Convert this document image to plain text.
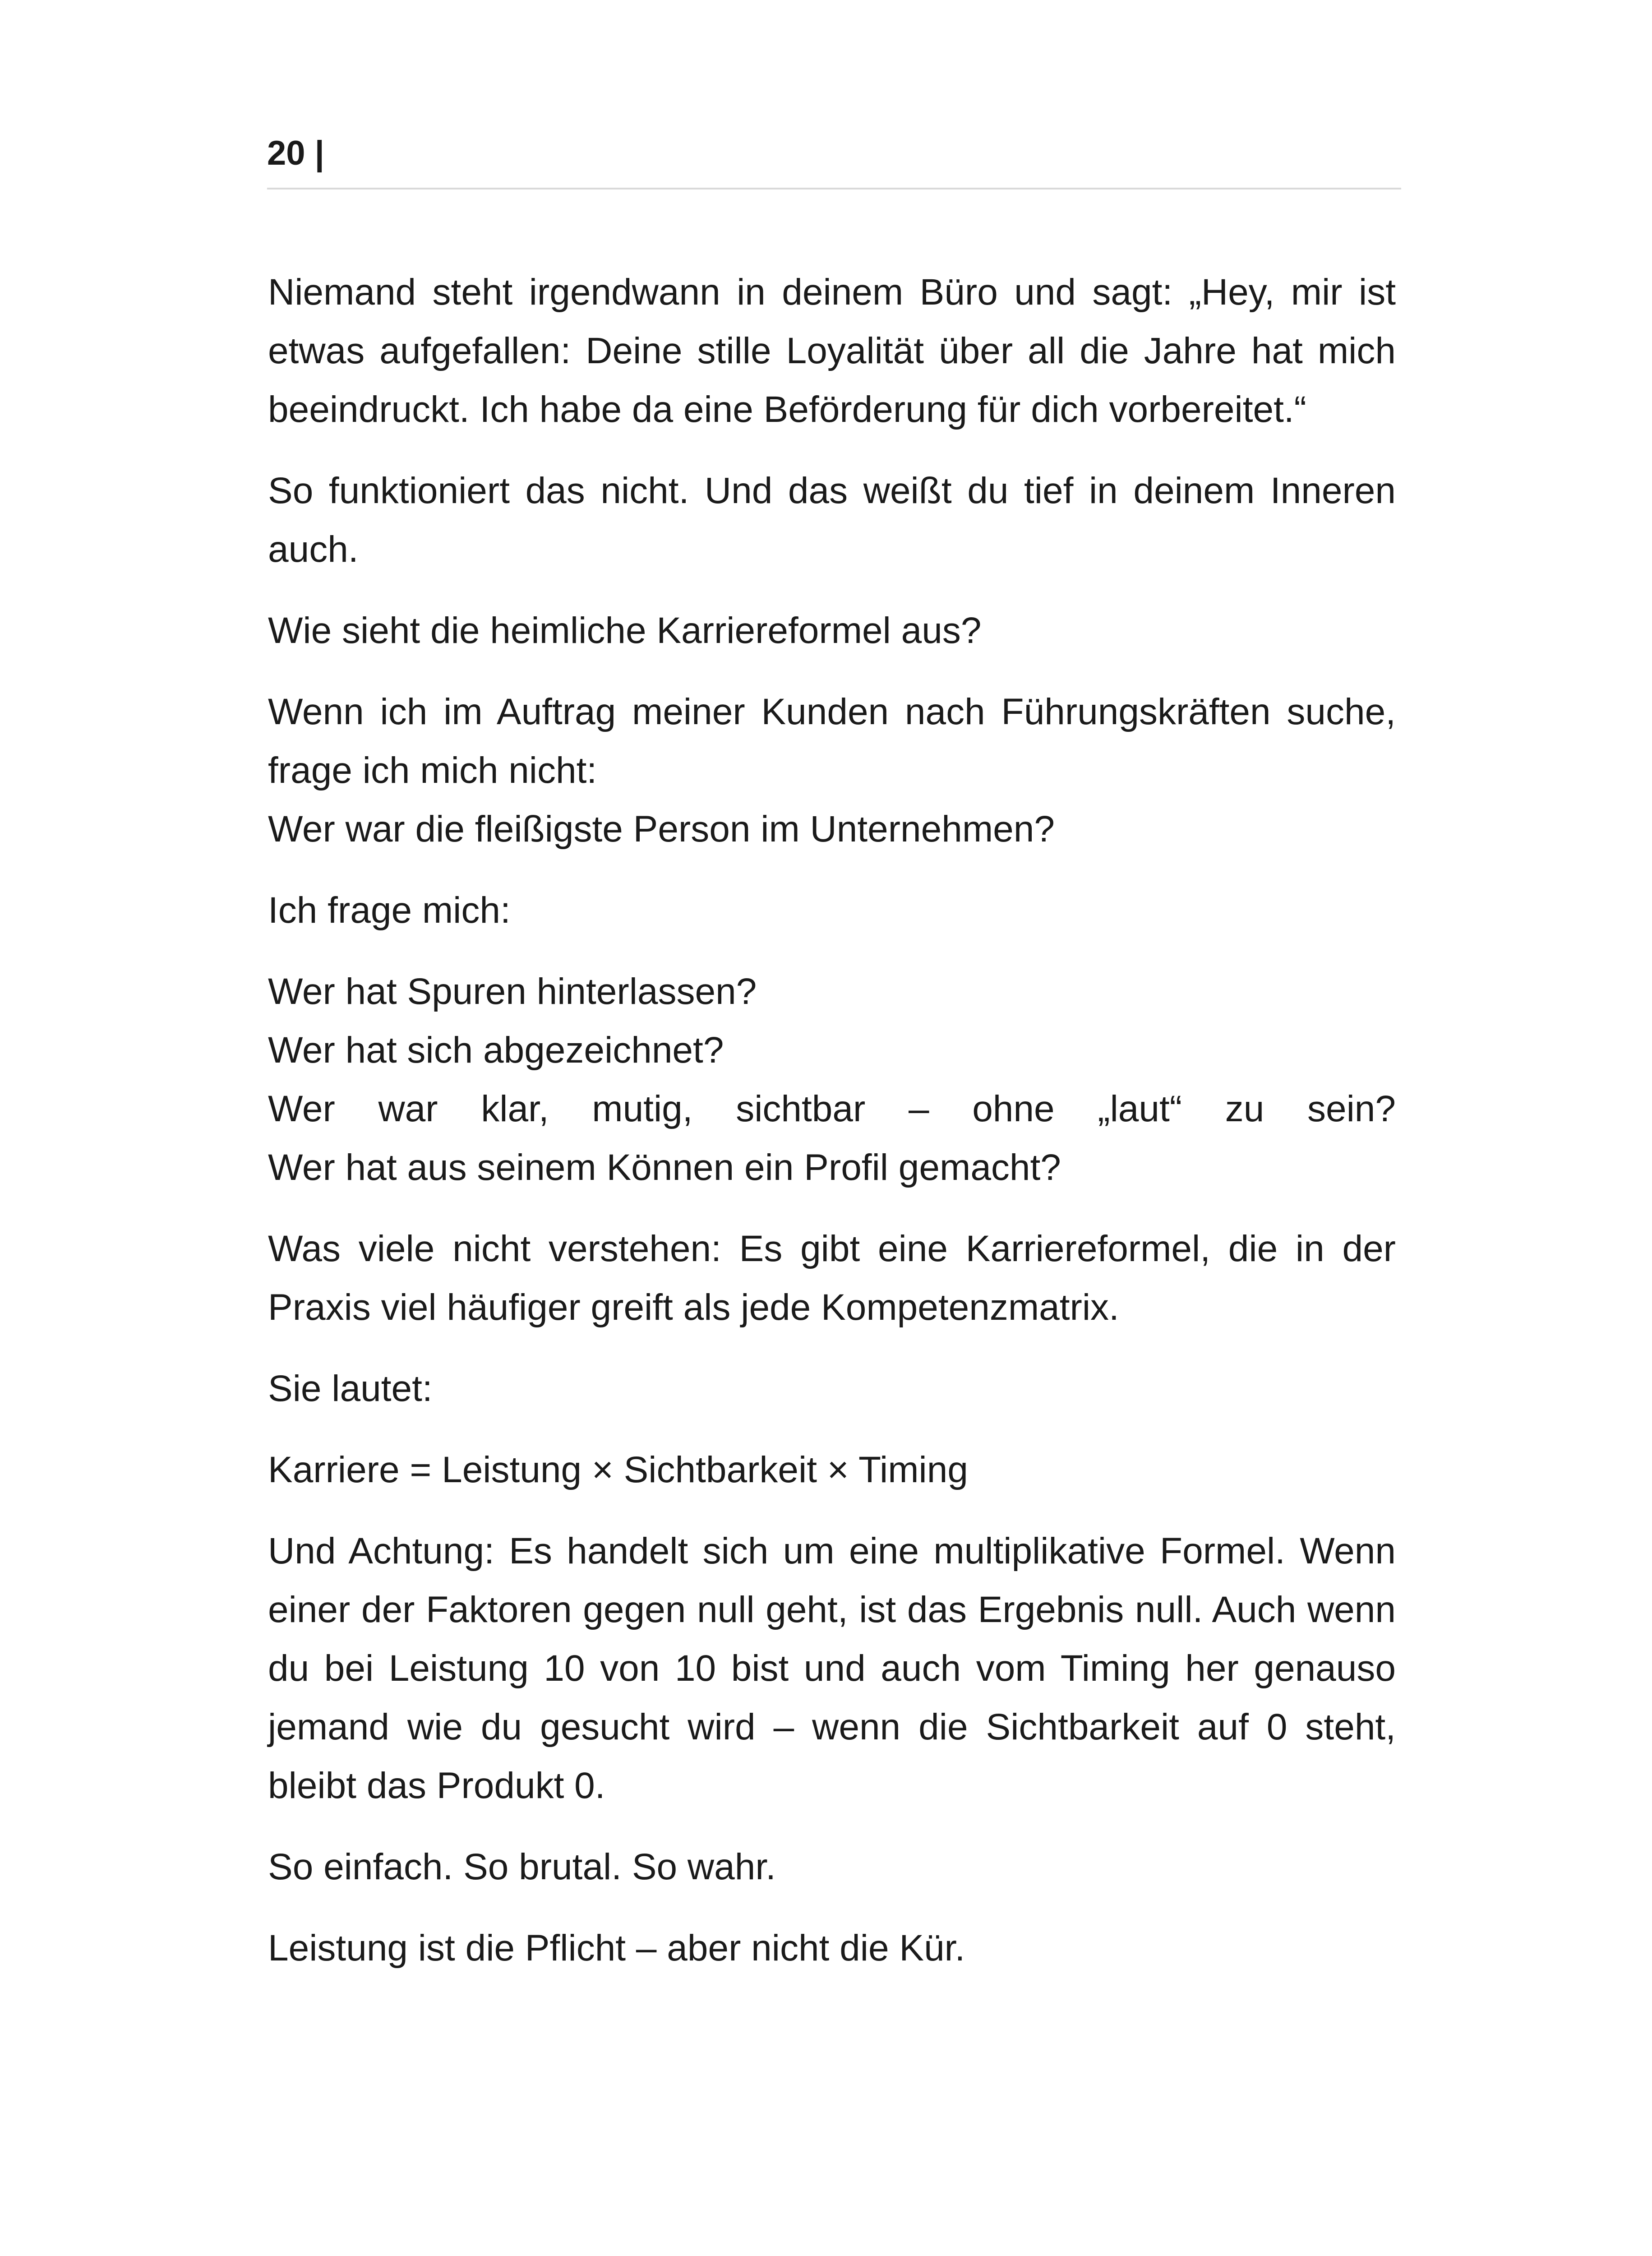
20 |

Niemand steht irgendwann in deinem Büro und sagt: „Hey, mir ist etwas aufgefallen: Deine stille Loyalität über all die Jahre hat mich beeindruckt. Ich habe da eine Beförderung für dich vorbereitet.“

So funktioniert das nicht. Und das weißt du tief in deinem Inneren auch.

Wie sieht die heimliche Karriereformel aus?

Wenn ich im Auftrag meiner Kunden nach Führungskräften suche, frage ich mich nicht:
Wer war die fleißigste Person im Unternehmen?

Ich frage mich:

Wer hat Spuren hinterlassen?
Wer hat sich abgezeichnet?
Wer war klar, mutig, sichtbar – ohne „laut“ zu sein?
Wer hat aus seinem Können ein Profil gemacht?

Was viele nicht verstehen: Es gibt eine Karriereformel, die in der Praxis viel häufiger greift als jede Kompetenzmatrix.

Sie lautet:

Karriere = Leistung × Sichtbarkeit × Timing

Und Achtung: Es handelt sich um eine multiplikative Formel. Wenn einer der Faktoren gegen null geht, ist das Ergebnis null. Auch wenn du bei Leistung 10 von 10 bist und auch vom Timing her genauso jemand wie du gesucht wird – wenn die Sichtbarkeit auf 0 steht, bleibt das Produkt 0.

So einfach. So brutal. So wahr.

Leistung ist die Pflicht – aber nicht die Kür.
